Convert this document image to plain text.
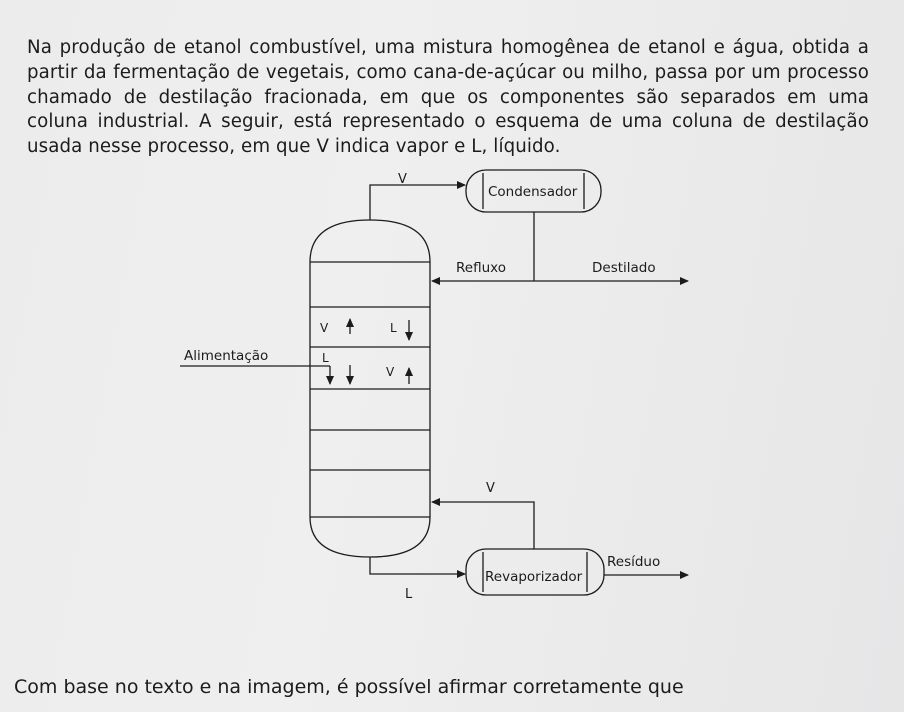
Na produção de etanol combustível, uma mistura homogênea de etanol e água, obtida a partir da fermentação de vegetais, como cana-de-açúcar ou milho, passa por um processo chamado de destilação fracionada, em que os componentes são separados em uma coluna industrial. A seguir, está representado o esquema de uma coluna de destilação usada nesse processo, em que V indica vapor e L, líquido.

V
Condensador
Refluxo	Destilado
Alimentação
V	L
L
V
V
Resíduo
Revaporizador
L

Com base no texto e na imagem, é possível afirmar corretamente que
